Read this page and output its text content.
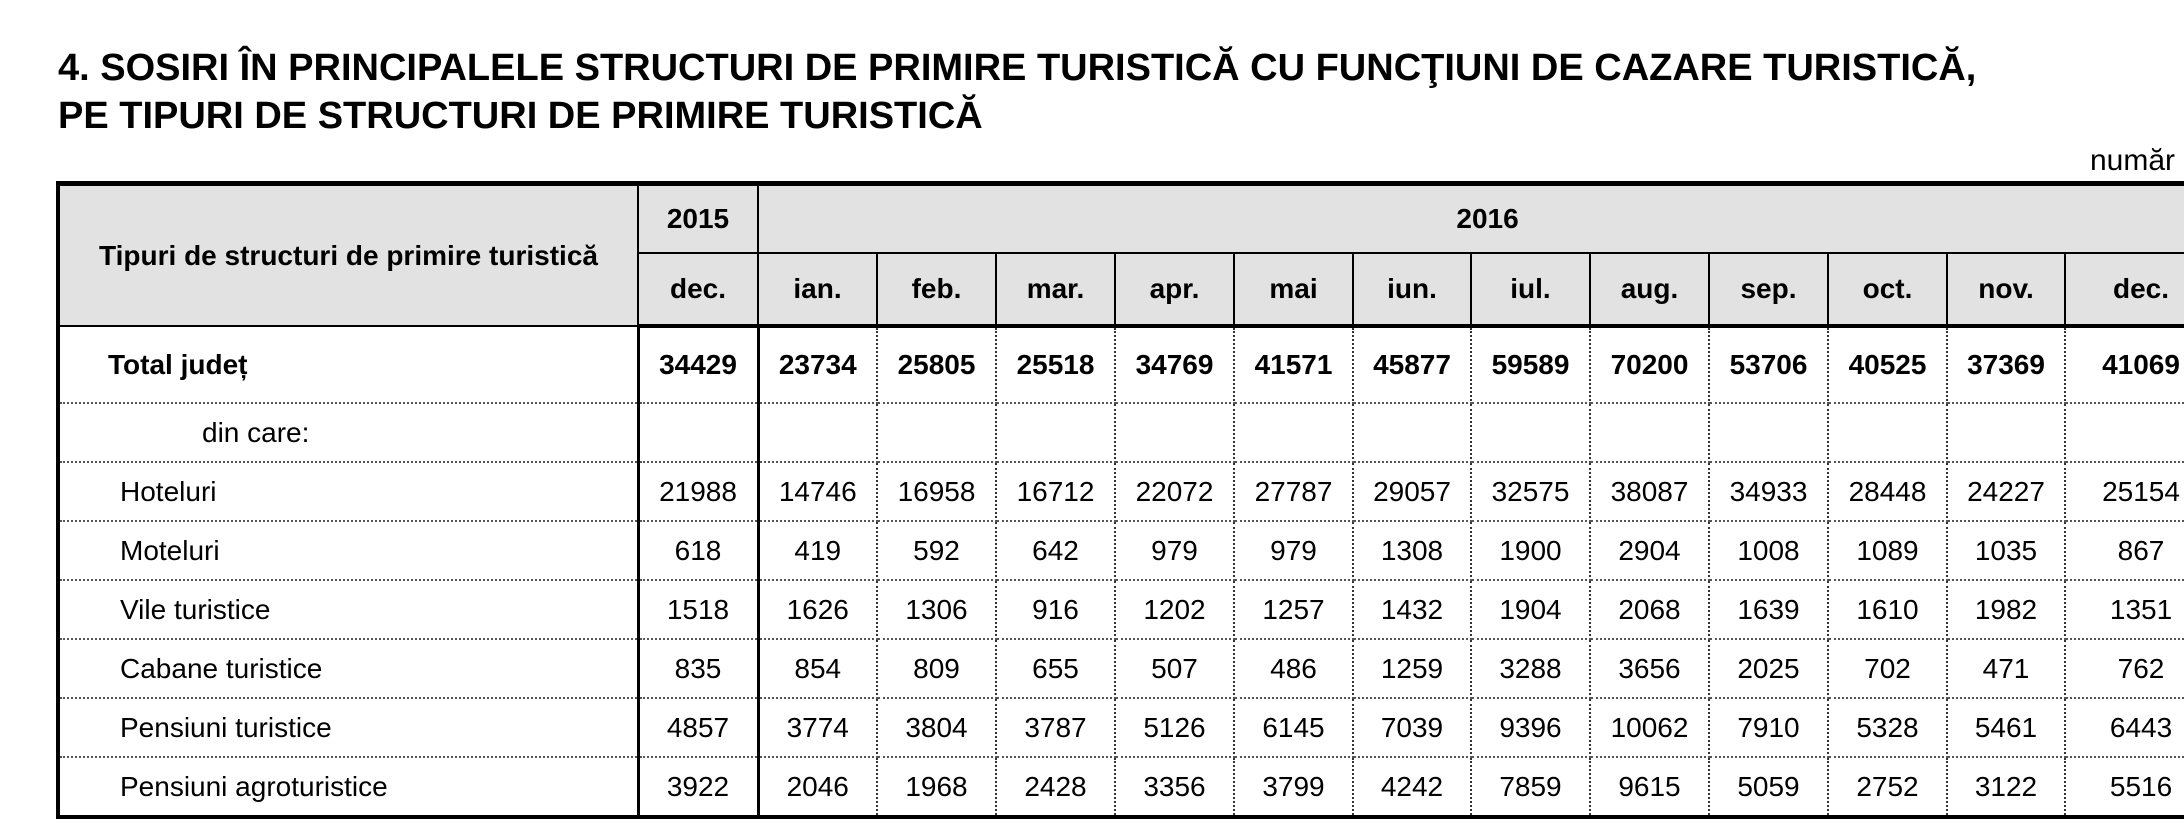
4. SOSIRI ÎN PRINCIPALELE STRUCTURI DE PRIMIRE TURISTICĂ CU FUNCŢIUNI DE CAZARE TURISTICĂ,
PE TIPURI DE STRUCTURI DE PRIMIRE TURISTICĂ
număr
Tipuri de structuri de primire turistică	2015	2016											
	dec.	ian.	feb.	mar.	apr.	mai	iun.	iul.	aug.	sep.	oct.	nov.	dec.
Total județ	34429	23734	25805	25518	34769	41571	45877	59589	70200	53706	40525	37369	41069
din care:													
Hoteluri	21988	14746	16958	16712	22072	27787	29057	32575	38087	34933	28448	24227	25154
Moteluri	618	419	592	642	979	979	1308	1900	2904	1008	1089	1035	867
Vile turistice	1518	1626	1306	916	1202	1257	1432	1904	2068	1639	1610	1982	1351
Cabane turistice	835	854	809	655	507	486	1259	3288	3656	2025	702	471	762
Pensiuni turistice	4857	3774	3804	3787	5126	6145	7039	9396	10062	7910	5328	5461	6443
Pensiuni agroturistice	3922	2046	1968	2428	3356	3799	4242	7859	9615	5059	2752	3122	5516
